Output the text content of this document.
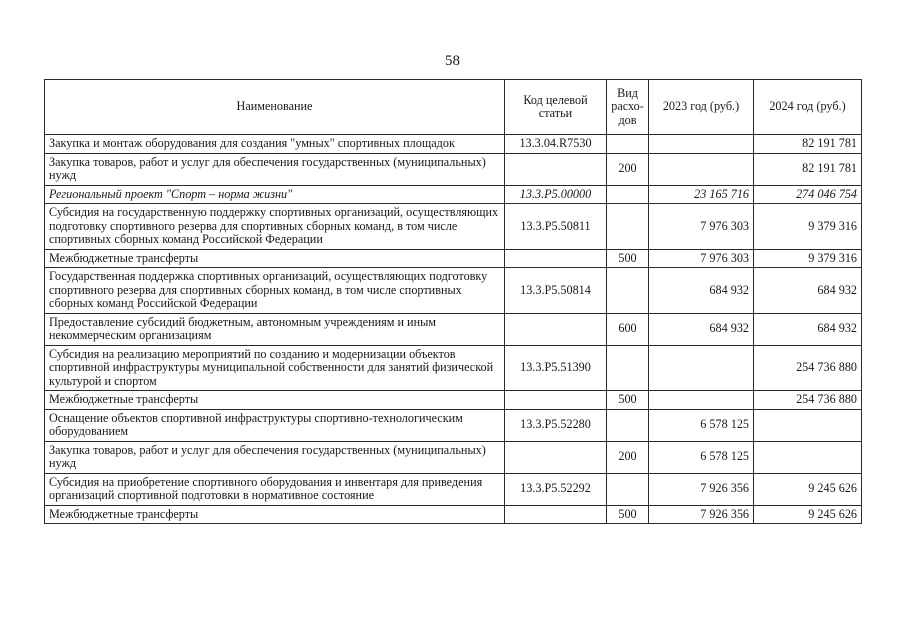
58
Наименование	Код целевой статьи	Вид расхо-дов	2023 год (руб.)	2024 год (руб.)
Закупка и монтаж оборудования для создания "умных" спортивных площадок	13.3.04.R7530			82 191 781
Закупка товаров, работ и услуг для обеспечения государственных (муниципальных) нужд		200		82 191 781
Региональный проект "Спорт – норма жизни"	13.3.P5.00000		23 165 716	274 046 754
Субсидия на государственную поддержку спортивных организаций, осуществляющих подготовку спортивного резерва для спортивных сборных команд, в том числе спортивных сборных команд Российской Федерации	13.3.P5.50811		7 976 303	9 379 316
Межбюджетные трансферты		500	7 976 303	9 379 316
Государственная поддержка спортивных организаций, осуществляющих подготовку спортивного резерва для спортивных сборных команд, в том числе спортивных сборных команд Российской Федерации	13.3.P5.50814		684 932	684 932
Предоставление субсидий бюджетным, автономным учреждениям и иным некоммерческим организациям		600	684 932	684 932
Субсидия на реализацию мероприятий по созданию и модернизации объектов спортивной инфраструктуры муниципальной собственности для занятий физической культурой и спортом	13.3.P5.51390			254 736 880
Межбюджетные трансферты		500		254 736 880
Оснащение объектов спортивной инфраструктуры спортивно-технологическим оборудованием	13.3.P5.52280		6 578 125	
Закупка товаров, работ и услуг для обеспечения государственных (муниципальных) нужд		200	6 578 125	
Субсидия на приобретение спортивного оборудования и инвентаря для приведения организаций спортивной подготовки в нормативное состояние	13.3.P5.52292		7 926 356	9 245 626
Межбюджетные трансферты		500	7 926 356	9 245 626
